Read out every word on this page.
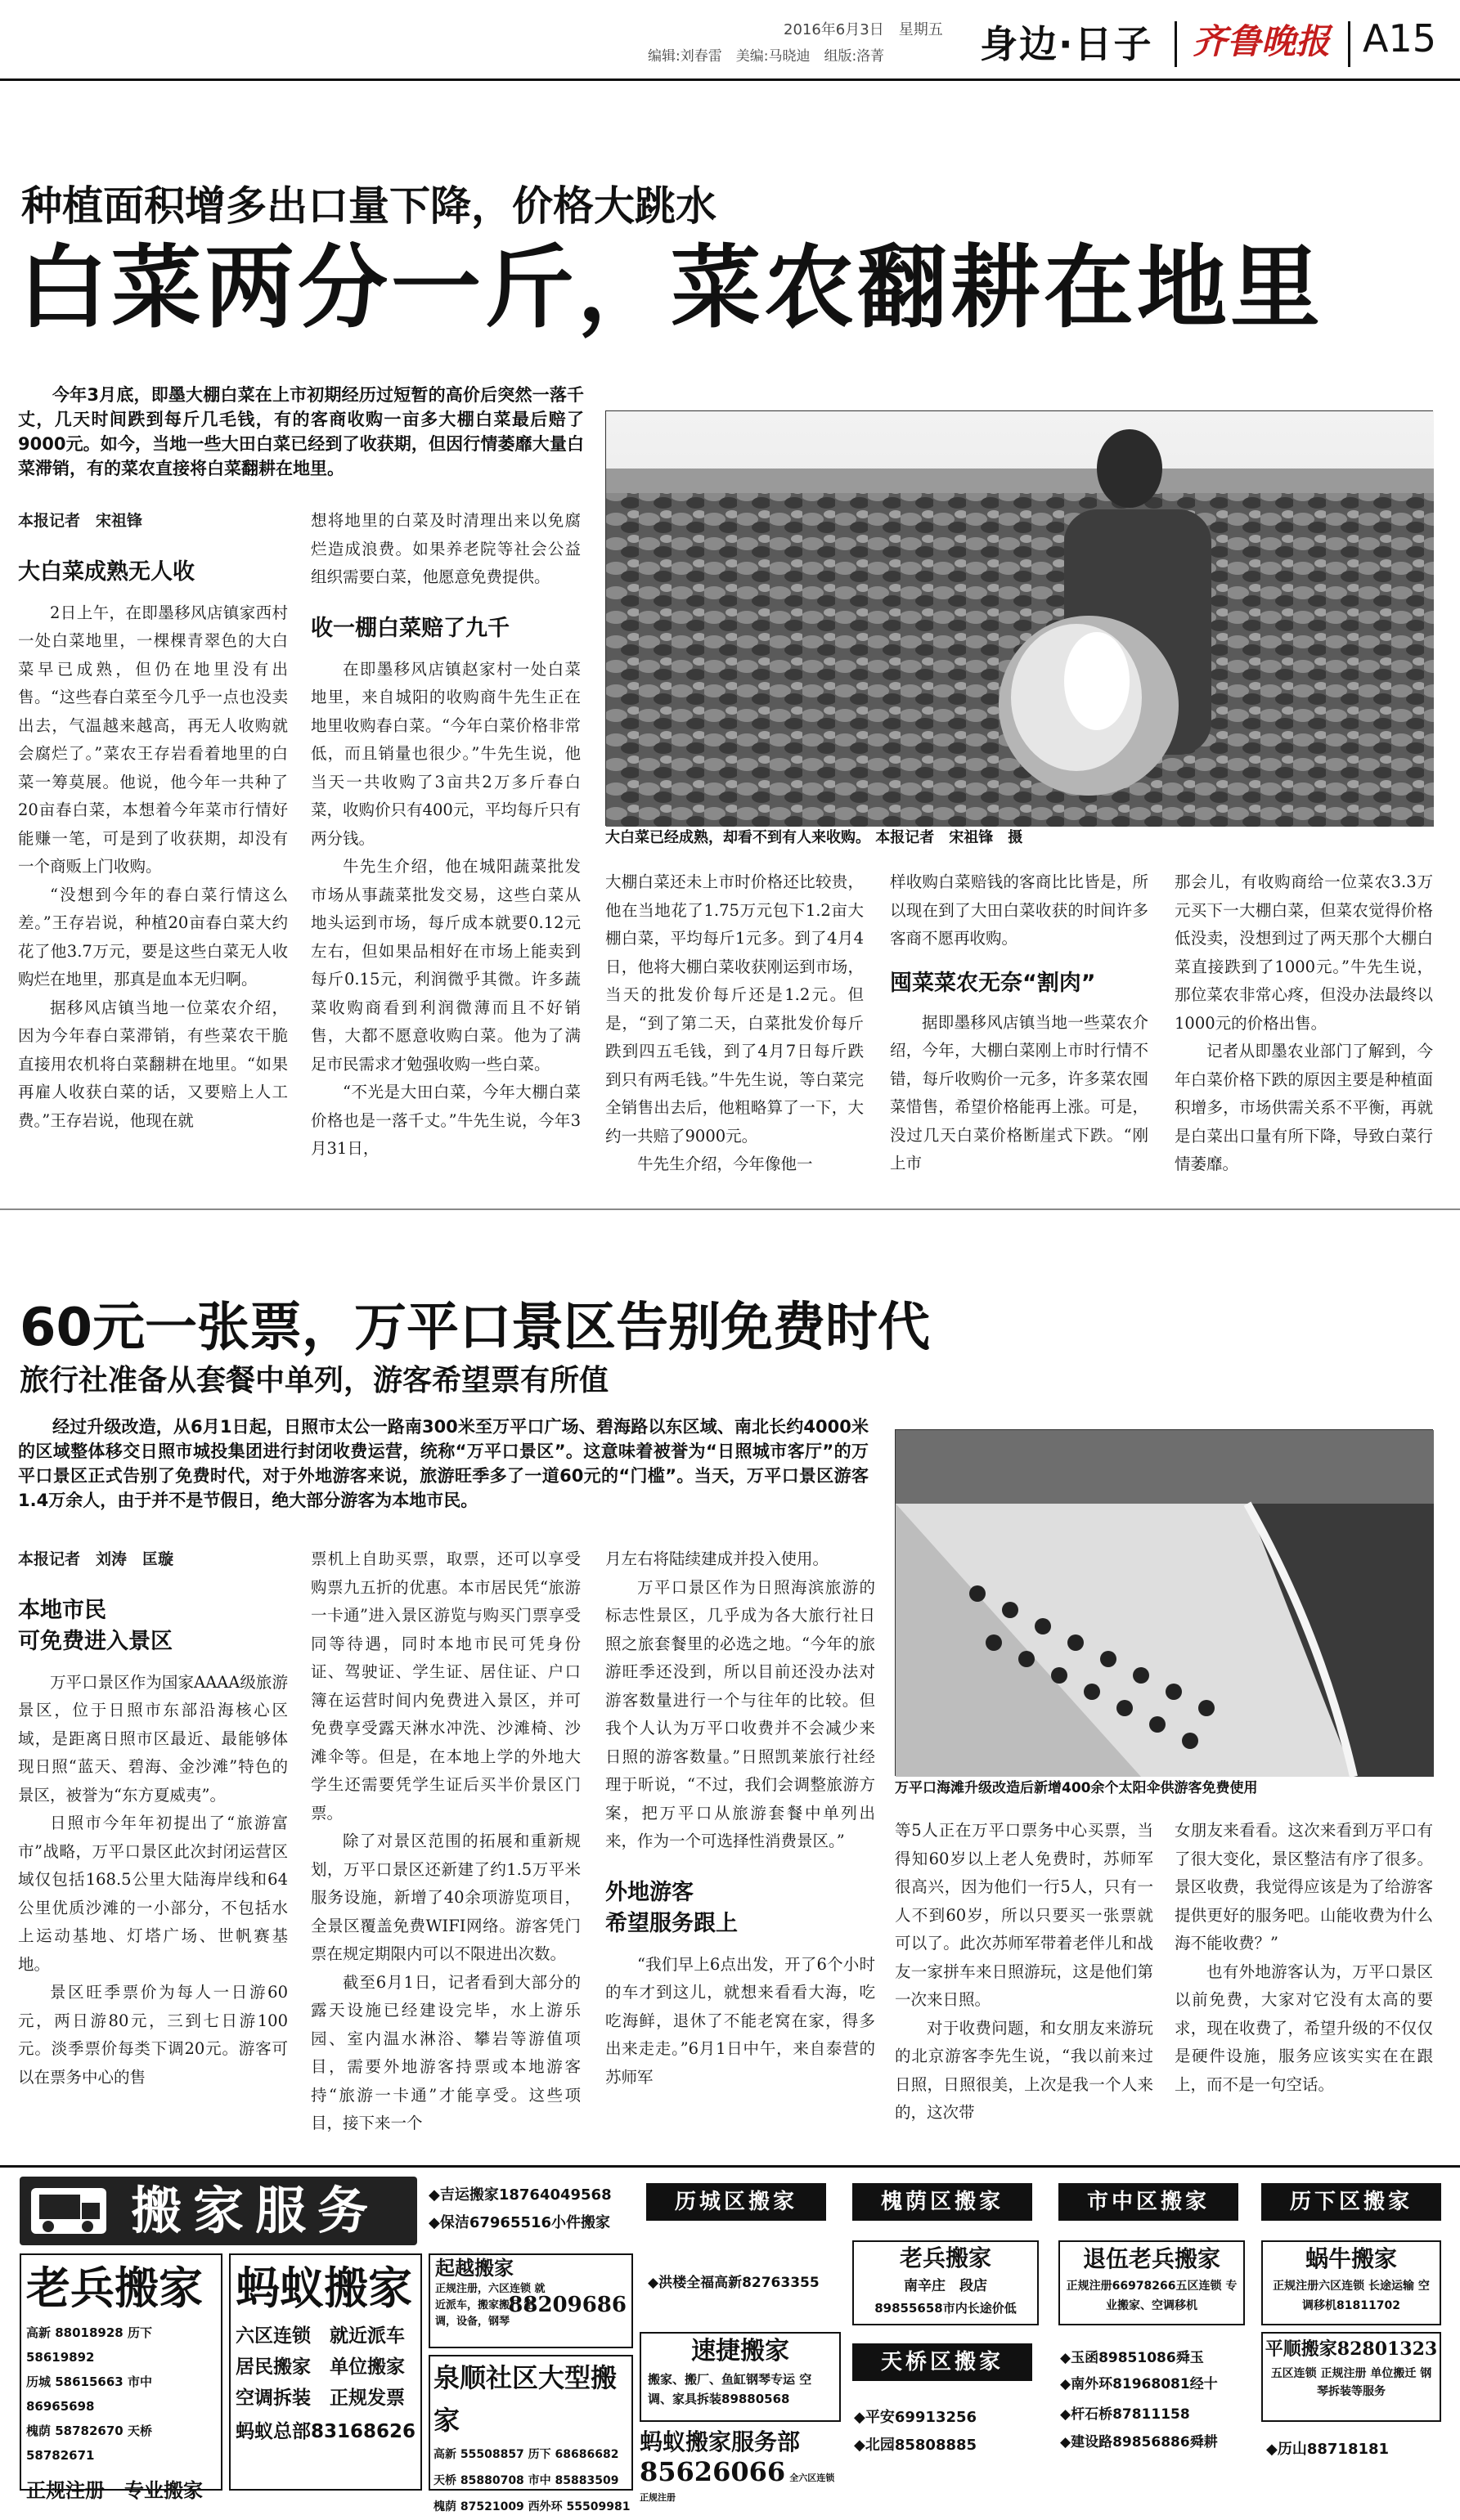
2016年6月3日　星期五
编辑:刘春雷　美编:马晓迪　组版:洛菁	身边·日子 齐鲁晚报 A15
种植面积增多出口量下降，价格大跳水
白菜两分一斤，菜农翻耕在地里
今年3月底，即墨大棚白菜在上市初期经历过短暂的高价后突然一落千丈，几天时间跌到每斤几毛钱，有的客商收购一亩多大棚白菜最后赔了9000元。如今，当地一些大田白菜已经到了收获期，但因行情萎靡大量白菜滞销，有的菜农直接将白菜翻耕在地里。
大白菜已经成熟，却看不到有人来收购。 本报记者　宋祖锋　摄
本报记者　宋祖锋
大白菜成熟无人收

2日上午，在即墨移风店镇家西村一处白菜地里，一棵棵青翠色的大白菜早已成熟，但仍在地里没有出售。“这些春白菜至今几乎一点也没卖出去，气温越来越高，再无人收购就会腐烂了。”菜农王存岩看着地里的白菜一筹莫展。他说，他今年一共种了20亩春白菜，本想着今年菜市行情好能赚一笔，可是到了收获期，却没有一个商贩上门收购。

“没想到今年的春白菜行情这么差。”王存岩说，种植20亩春白菜大约花了他3.7万元，要是这些白菜无人收购烂在地里，那真是血本无归啊。

据移风店镇当地一位菜农介绍，因为今年春白菜滞销，有些菜农干脆直接用农机将白菜翻耕在地里。“如果再雇人收获白菜的话，又要赔上人工费。”王存岩说，他现在就

想将地里的白菜及时清理出来以免腐烂造成浪费。如果养老院等社会公益组织需要白菜，他愿意免费提供。

收一棚白菜赔了九千

在即墨移风店镇赵家村一处白菜地里，来自城阳的收购商牛先生正在地里收购春白菜。“今年白菜价格非常低，而且销量也很少。”牛先生说，他当天一共收购了3亩共2万多斤春白菜，收购价只有400元，平均每斤只有两分钱。

牛先生介绍，他在城阳蔬菜批发市场从事蔬菜批发交易，这些白菜从地头运到市场，每斤成本就要0.12元左右，但如果品相好在市场上能卖到每斤0.15元，利润微乎其微。许多蔬菜收购商看到利润微薄而且不好销售，大都不愿意收购白菜。他为了满足市民需求才勉强收购一些白菜。

“不光是大田白菜，今年大棚白菜价格也是一落千丈。”牛先生说，今年3月31日，

大棚白菜还未上市时价格还比较贵，他在当地花了1.75万元包下1.2亩大棚白菜，平均每斤1元多。到了4月4日，他将大棚白菜收获刚运到市场，当天的批发价每斤还是1.2元。但是，“到了第二天，白菜批发价每斤跌到四五毛钱，到了4月7日每斤跌到只有两毛钱。”牛先生说，等白菜完全销售出去后，他粗略算了一下，大约一共赔了9000元。

牛先生介绍，今年像他一

样收购白菜赔钱的客商比比皆是，所以现在到了大田白菜收获的时间许多客商不愿再收购。

囤菜菜农无奈“割肉”

据即墨移风店镇当地一些菜农介绍，今年，大棚白菜刚上市时行情不错，每斤收购价一元多，许多菜农囤菜惜售，希望价格能再上涨。可是，没过几天白菜价格断崖式下跌。“刚上市

那会儿，有收购商给一位菜农3.3万元买下一大棚白菜，但菜农觉得价格低没卖，没想到过了两天那个大棚白菜直接跌到了1000元。”牛先生说，那位菜农非常心疼，但没办法最终以1000元的价格出售。

记者从即墨农业部门了解到，今年白菜价格下跌的原因主要是种植面积增多，市场供需关系不平衡，再就是白菜出口量有所下降，导致白菜行情萎靡。

60元一张票，万平口景区告别免费时代
旅行社准备从套餐中单列，游客希望票有所值
经过升级改造，从6月1日起，日照市太公一路南300米至万平口广场、碧海路以东区域、南北长约4000米的区域整体移交日照市城投集团进行封闭收费运营，统称“万平口景区”。这意味着被誉为“日照城市客厅”的万平口景区正式告别了免费时代，对于外地游客来说，旅游旺季多了一道60元的“门槛”。当天，万平口景区游客1.4万余人，由于并不是节假日，绝大部分游客为本地市民。
万平口海滩升级改造后新增400余个太阳伞供游客免费使用
本报记者　刘涛　匡璇
本地市民
可免费进入景区

万平口景区作为国家AAAA级旅游景区，位于日照市东部沿海核心区域，是距离日照市区最近、最能够体现日照“蓝天、碧海、金沙滩”特色的景区，被誉为“东方夏威夷”。

日照市今年年初提出了“旅游富市”战略，万平口景区此次封闭运营区域仅包括168.5公里大陆海岸线和64公里优质沙滩的一小部分，不包括水上运动基地、灯塔广场、世帆赛基地。

景区旺季票价为每人一日游60元，两日游80元，三到七日游100元。淡季票价每类下调20元。游客可以在票务中心的售

票机上自助买票，取票，还可以享受购票九五折的优惠。本市居民凭“旅游一卡通”进入景区游览与购买门票享受同等待遇，同时本地市民可凭身份证、驾驶证、学生证、居住证、户口簿在运营时间内免费进入景区，并可免费享受露天淋水冲洗、沙滩椅、沙滩伞等。但是，在本地上学的外地大学生还需要凭学生证后买半价景区门票。

除了对景区范围的拓展和重新规划，万平口景区还新建了约1.5万平米服务设施，新增了40余项游览项目，全景区覆盖免费WIFI网络。游客凭门票在规定期限内可以不限进出次数。

截至6月1日，记者看到大部分的露天设施已经建设完毕，水上游乐园、室内温水淋浴、攀岩等游值项目，需要外地游客持票或本地游客持“旅游一卡通”才能享受。这些项目，接下来一个

月左右将陆续建成并投入使用。

万平口景区作为日照海滨旅游的标志性景区，几乎成为各大旅行社日照之旅套餐里的必选之地。“今年的旅游旺季还没到，所以目前还没办法对游客数量进行一个与往年的比较。但我个人认为万平口收费并不会减少来日照的游客数量。”日照凯莱旅行社经理于昕说，“不过，我们会调整旅游方案，把万平口从旅游套餐中单列出来，作为一个可选择性消费景区。”

外地游客
希望服务跟上

“我们早上6点出发，开了6个小时的车才到这儿，就想来看看大海，吃吃海鲜，退休了不能老窝在家，得多出来走走。”6月1日中午，来自泰营的苏师军

等5人正在万平口票务中心买票，当得知60岁以上老人免费时，苏师军很高兴，因为他们一行5人，只有一人不到60岁，所以只要买一张票就可以了。此次苏师军带着老伴儿和战友一家拼车来日照游玩，这是他们第一次来日照。

对于收费问题，和女朋友来游玩的北京游客李先生说，“我以前来过日照，日照很美，上次是我一个人来的，这次带

女朋友来看看。这次来看到万平口有了很大变化，景区整洁有序了很多。景区收费，我觉得应该是为了给游客提供更好的服务吧。山能收费为什么海不能收费？”

也有外地游客认为，万平口景区以前免费，大家对它没有太高的要求，现在收费了，希望升级的不仅仅是硬件设施，服务应该实实在在跟上，而不是一句空话。

搬家服务	◆吉运搬家18764049568
◆保洁67965516小件搬家
历城区搬家	槐荫区搬家	市中区搬家	历下区搬家
老兵搬家
高新 88018928 历下 58619892
历城 58615663 市中 86965698
槐荫 58782670 天桥 58782671
正规注册　专业搬家
蚂蚁搬家
六区连锁　就近派车
居民搬家　单位搬家
空调拆装　正规发票
蚂蚁总部83168626
起越搬家
正规注册，六区连锁 就近派车，搬家搬厂 空调，设备，钢琴
88209686
泉顺社区大型搬家
高新 55508857 历下 68686682
天桥 85880708 市中 85883509
槐荫 87521009 西外环 55509981
◆洪楼全福高新82763355
老兵搬家
南辛庄　段店
89855658市内长途价低
退伍老兵搬家
正规注册66978266五区连锁 专业搬家、空调移机
蜗牛搬家
正规注册六区连锁 长途运输 空调移机81811702
速捷搬家
搬家、搬厂、鱼缸钢琴专运 空调、家具拆装89880568
天桥区搬家
平顺搬家82801323
五区连锁 正规注册 单位搬迁 钢琴拆装等服务
◆玉函89851086舜玉
◆南外环81968081经十
蚂蚁搬家服务部
85626066 全六区连锁正规注册
◆平安69913256
◆北园85808885
◆杆石桥87811158
◆建设路89856886舜耕	◆历山88718181
